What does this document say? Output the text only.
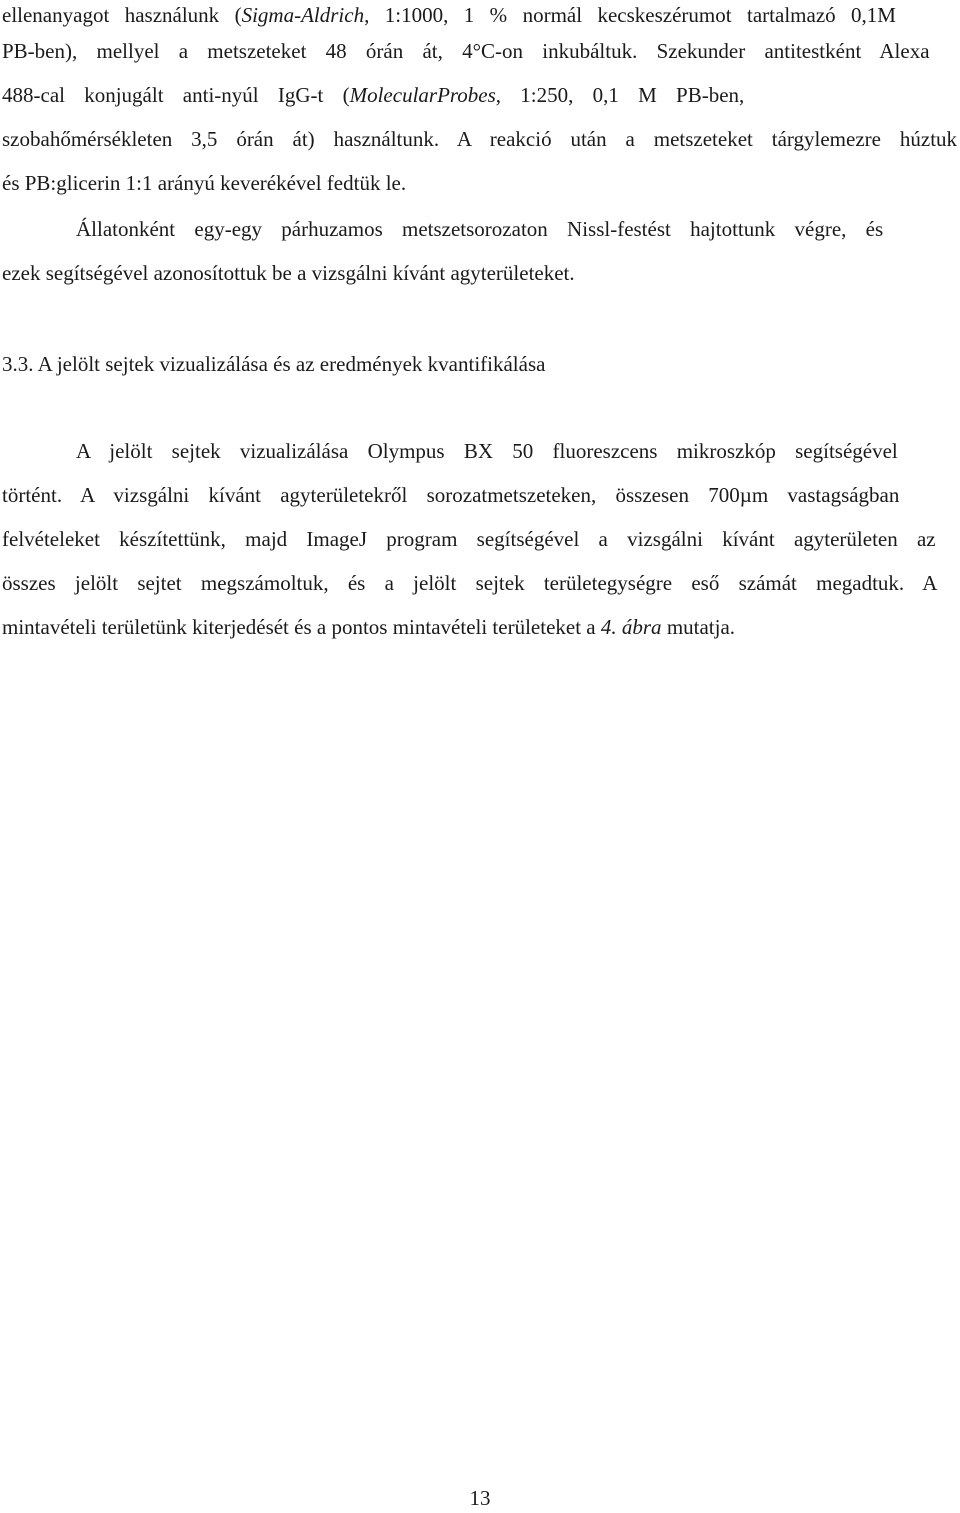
ellenanyagot használunk (Sigma-Aldrich, 1:1000, 1 % normál kecskeszérumot tartalmazó 0,1M
PB-ben), mellyel a metszeteket 48 órán át, 4°C-on inkubáltuk. Szekunder antitestként Alexa
488-cal konjugált anti-nyúl IgG-t (MolecularProbes, 1:250, 0,1 M PB-ben,
szobahőmérsékleten 3,5 órán át) használtunk. A reakció után a metszeteket tárgylemezre húztuk
és PB:glicerin 1:1 arányú keverékével fedtük le.
Állatonként egy-egy párhuzamos metszetsorozaton Nissl-festést hajtottunk végre, és
ezek segítségével azonosítottuk be a vizsgálni kívánt agyterületeket.
3.3. A jelölt sejtek vizualizálása és az eredmények kvantifikálása
A jelölt sejtek vizualizálása Olympus BX 50 fluoreszcens mikroszkóp segítségével
történt. A vizsgálni kívánt agyterületekről sorozatmetszeteken, összesen 700µm vastagságban
felvételeket készítettünk, majd ImageJ program segítségével a vizsgálni kívánt agyterületen az
összes jelölt sejtet megszámoltuk, és a jelölt sejtek területegységre eső számát megadtuk. A
mintavételi területünk kiterjedését és a pontos mintavételi területeket a 4. ábra mutatja.
13
